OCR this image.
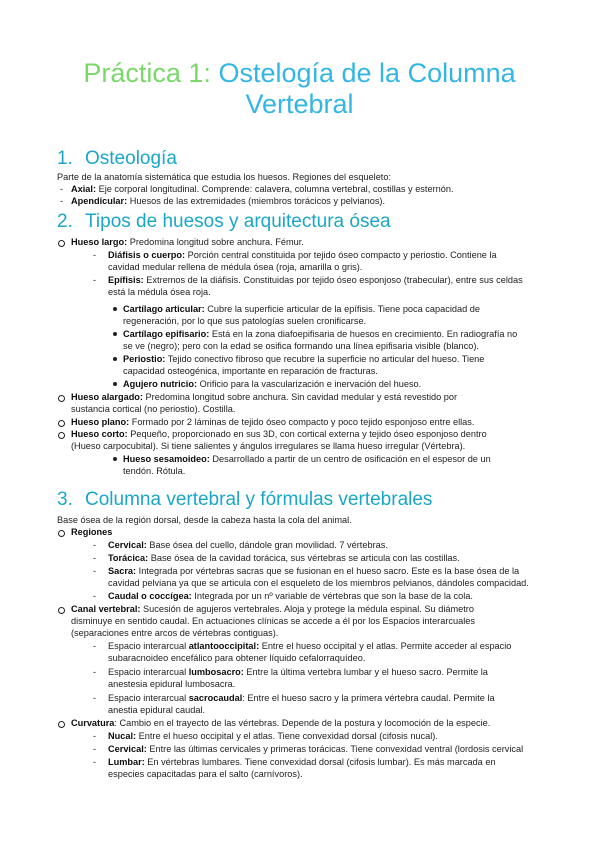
Práctica 1: Ostelogía de la Columna Vertebral
1. Osteología
Parte de la anatomía sistemática que estudia los huesos. Regiones del esqueleto:
- Axial: Eje corporal longitudinal. Comprende: calavera, columna vertebral, costillas y esternón.
- Apendicular: Huesos de las extremidades (miembros torácicos y pelvianos).
2. Tipos de huesos y arquitectura ósea
Hueso largo: Predomina longitud sobre anchura. Fémur.
- Diáfisis o cuerpo: Porción central constituida por tejido óseo compacto y periostio. Contiene la
cavidad medular rellena de médula ósea (roja, amarilla o gris).
- Epífisis: Extremos de la diáfisis. Constituidas por tejido óseo esponjoso (trabecular), entre sus celdas
está la médula ósea roja.
Cartílago articular: Cubre la superficie articular de la epífisis. Tiene poca capacidad de
regeneración, por lo que sus patologías suelen cronificarse.
Cartílago epifisario: Está en la zona diafoepifisaria de huesos en crecimiento. En radiografía no
se ve (negro); pero con la edad se osifica formando una línea epifisaria visible (blanco).
Periostio: Tejido conectivo fibroso que recubre la superficie no articular del hueso. Tiene
capacidad osteogénica, importante en reparación de fracturas.
Agujero nutricio: Orificio para la vascularización e inervación del hueso.
Hueso alargado: Predomina longitud sobre anchura. Sin cavidad medular y está revestido por
sustancia cortical (no periostio). Costilla.
Hueso plano: Formado por 2 láminas de tejido óseo compacto y poco tejido esponjoso entre ellas.
Hueso corto: Pequeño, proporcionado en sus 3D, con cortical externa y tejido óseo esponjoso dentro
(Hueso carpocubital). Si tiene salientes y ángulos irregulares se llama hueso irregular (Vértebra).
Hueso sesamoideo: Desarrollado a partir de un centro de osificación en el espesor de un
tendón. Rótula.
3. Columna vertebral y fórmulas vertebrales
Base ósea de la región dorsal, desde la cabeza hasta la cola del animal.
Regiones
- Cervical: Base ósea del cuello, dándole gran movilidad. 7 vértebras.
- Torácica: Base ósea de la cavidad torácica, sus vértebras se articula con las costillas.
- Sacra: Integrada por vértebras sacras que se fusionan en el hueso sacro. Este es la base ósea de la
cavidad pelviana ya que se articula con el esqueleto de los miembros pelvianos, dándoles compacidad.
- Caudal o coccígea: Integrada por un nº variable de vértebras que son la base de la cola.
Canal vertebral: Sucesión de agujeros vertebrales. Aloja y protege la médula espinal. Su diámetro
disminuye en sentido caudal. En actuaciones clínicas se accede a él por los Espacios interarcuales
(separaciones entre arcos de vértebras contiguas).
- Espacio interarcual atlantooccipital: Entre el hueso occipital y el atlas. Permite acceder al espacio
subaracnoideo encefálico para obtener líquido cefalorraquídeo.
- Espacio interarcual lumbosacro: Entre la última vertebra lumbar y el hueso sacro. Permite la
anestesia epidural lumbosacra.
- Espacio interarcual sacrocaudal: Entre el hueso sacro y la primera vértebra caudal. Permite la
anestia epidural caudal.
Curvatura: Cambio en el trayecto de las vértebras. Depende de la postura y locomoción de la especie.
- Nucal: Entre el hueso occipital y el atlas. Tiene convexidad dorsal (cifosis nucal).
- Cervical: Entre las últimas cervicales y primeras torácicas. Tiene convexidad ventral (lordosis cervical
- Lumbar: En vértebras lumbares. Tiene convexidad dorsal (cifosis lumbar). Es más marcada en
especies capacitadas para el salto (carnívoros).
